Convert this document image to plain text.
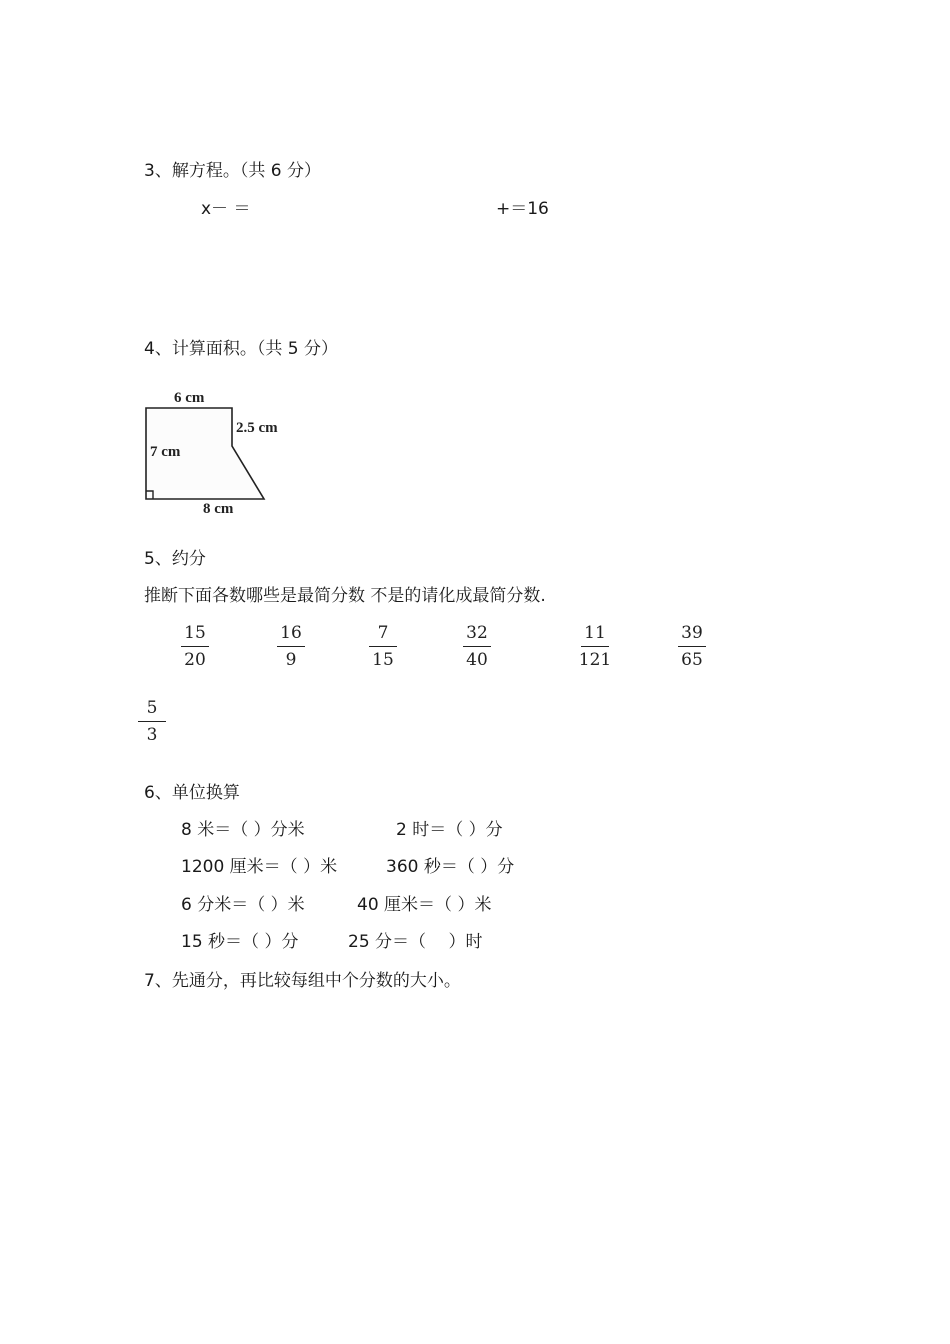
3、解方程。（共 6 分）
x－ ＝	+＝16
4、计算面积。（共 5 分）
6 cm
2.5 cm
7 cm
8 cm
5、约分
推断下面各数哪些是最简分数 不是的请化成最简分数.
15
20
16
9
7
15
32
40
11
121
39
65
5
3
6、单位换算
8 米＝（ ）分米	2 时＝（ ）分
1200 厘米＝（ ）米	360 秒＝（ ）分
6 分米＝（ ）米	40 厘米＝（ ）米
15 秒＝（ ）分	25 分＝（　 ）时
7、先通分，再比较每组中个分数的大小。
